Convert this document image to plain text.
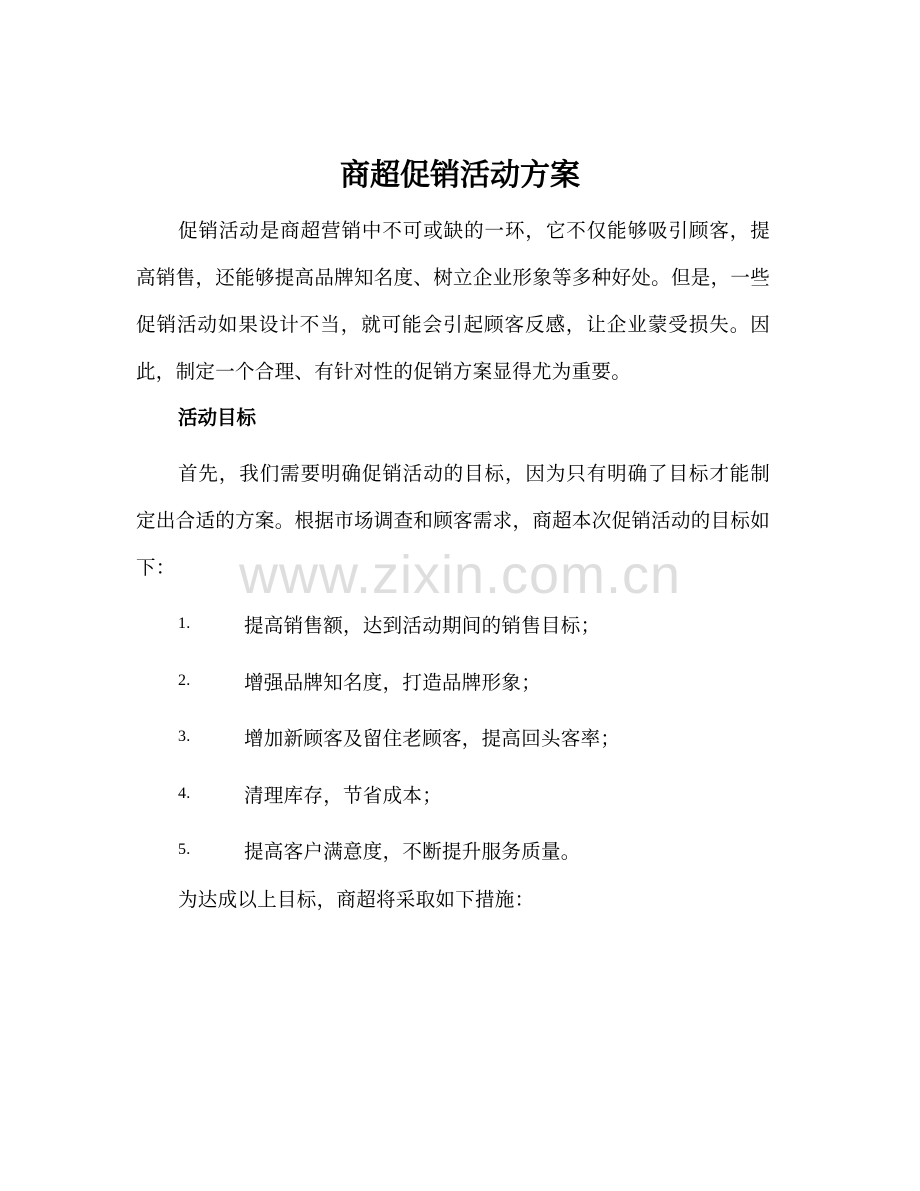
商超促销活动方案

促销活动是商超营销中不可或缺的一环，它不仅能够吸引顾客，提高销售，还能够提高品牌知名度、树立企业形象等多种好处。但是，一些促销活动如果设计不当，就可能会引起顾客反感，让企业蒙受损失。因此，制定一个合理、有针对性的促销方案显得尤为重要。

活动目标

首先，我们需要明确促销活动的目标，因为只有明确了目标才能制定出合适的方案。根据市场调查和顾客需求，商超本次促销活动的目标如下：

1.	提高销售额，达到活动期间的销售目标；
2.	增强品牌知名度，打造品牌形象；
3.	增加新顾客及留住老顾客，提高回头客率；
4.	清理库存，节省成本；
5.	提高客户满意度，不断提升服务质量。

为达成以上目标，商超将采取如下措施：

www.zixin.com.cn
